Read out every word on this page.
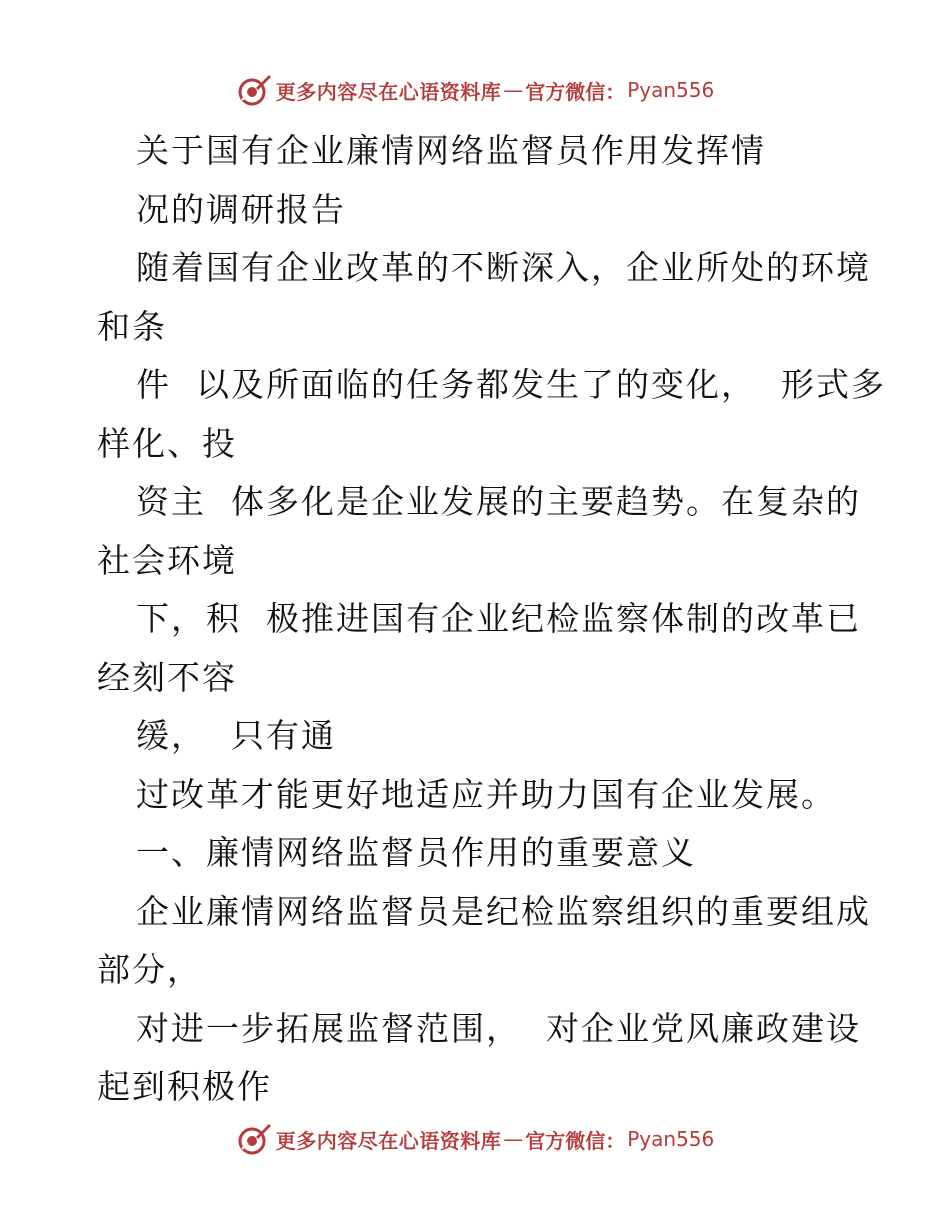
更多内容尽在心语资料库 — 官方微信： Pyan556
关于国有企业廉情网络监督员作用发挥情
况的调研报告
随着国有企业改革的不断深入，企业所处的环境
和条
件  以及所面临的任务都发生了的变化，  形式多
样化、投
资主  体多化是企业发展的主要趋势。在复杂的
社会环境
下，积  极推进国有企业纪检监察体制的改革已
经刻不容
缓，  只有通
过改革才能更好地适应并助力国有企业发展。
一、廉情网络监督员作用的重要意义
企业廉情网络监督员是纪检监察组织的重要组成
部分，
对进一步拓展监督范围，  对企业党风廉政建设
起到积极作
更多内容尽在心语资料库 — 官方微信： Pyan556
